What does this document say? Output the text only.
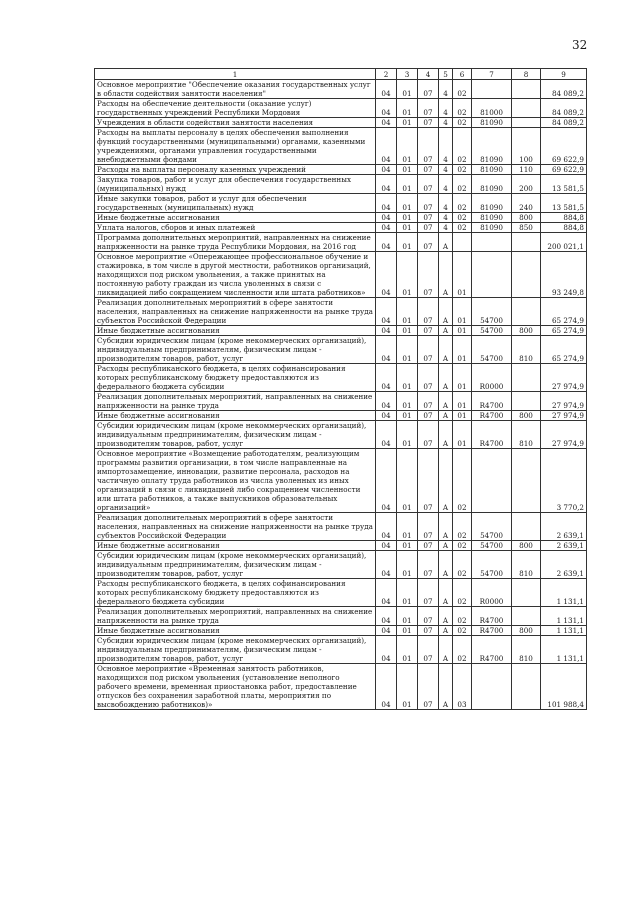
32
1	2	3	4	5	6	7	8	9
Основное мероприятие "Обеспечение оказания государственных услуг в области содействия занятости населения"	04	01	07	4	02			84 089,2
Расходы на обеспечение деятельности (оказание услуг) государственных учреждений Республики Мордовия	04	01	07	4	02	81000		84 089,2
Учреждения в области содействия занятости населения	04	01	07	4	02	81090		84 089,2
Расходы на выплаты персоналу в целях обеспечения выполнения функций государственными (муниципальными) органами, казенными учреждениями, органами управления государственными внебюджетными фондами	04	01	07	4	02	81090	100	69 622,9
Расходы на выплаты персоналу казенных учреждений	04	01	07	4	02	81090	110	69 622,9
Закупка товаров, работ и услуг для обеспечения государственных (муниципальных) нужд	04	01	07	4	02	81090	200	13 581,5
Иные закупки товаров, работ и услуг для обеспечения государственных (муниципальных) нужд	04	01	07	4	02	81090	240	13 581,5
Иные бюджетные ассигнования	04	01	07	4	02	81090	800	884,8
Уплата налогов, сборов и иных платежей	04	01	07	4	02	81090	850	884,8
Программа дополнительных мероприятий, направленных на снижение напряженности на рынке труда Республики Мордовия, на 2016 год	04	01	07	А				200 021,1
Основное мероприятие «Опережающее профессиональное обучение и стажировка, в том числе в другой местности, работников организаций, находящихся под риском увольнения, а также принятых на постоянную работу граждан из числа уволенных в связи с ликвидацией либо сокращением численности или штата работников»	04	01	07	А	01			93 249,8
Реализация дополнительных мероприятий в сфере занятости населения, направленных на снижение напряженности на рынке труда субъектов Российской Федерации	04	01	07	А	01	54700		65 274,9
Иные бюджетные ассигнования	04	01	07	А	01	54700	800	65 274,9
Субсидии юридическим лицам (кроме некоммерческих организаций), индивидуальным предпринимателям, физическим лицам - производителям товаров, работ, услуг	04	01	07	А	01	54700	810	65 274,9
Расходы республиканского бюджета, в целях софинансирования которых республиканскому бюджету предоставляются из федерального бюджета субсидии	04	01	07	А	01	R0000		27 974,9
Реализация дополнительных мероприятий, направленных на снижение напряженности на рынке труда	04	01	07	А	01	R4700		27 974,9
Иные бюджетные ассигнования	04	01	07	А	01	R4700	800	27 974,9
Субсидии юридическим лицам (кроме некоммерческих организаций), индивидуальным предпринимателям, физическим лицам - производителям товаров, работ, услуг	04	01	07	А	01	R4700	810	27 974,9
Основное мероприятие «Возмещение работодателям, реализующим программы развития организации, в том числе направленные на импортозамещение, инновации, развитие персонала, расходов на частичную оплату труда работников из числа уволенных из иных организаций в связи с ликвидацией либо сокращением численности или штата работников, а также выпускников образовательных организаций»	04	01	07	А	02			3 770,2
Реализация дополнительных мероприятий в сфере занятости населения, направленных на снижение напряженности на рынке труда субъектов Российской Федерации	04	01	07	А	02	54700		2 639,1
Иные бюджетные ассигнования	04	01	07	А	02	54700	800	2 639,1
Субсидии юридическим лицам (кроме некоммерческих организаций), индивидуальным предпринимателям, физическим лицам - производителям товаров, работ, услуг	04	01	07	А	02	54700	810	2 639,1
Расходы республиканского бюджета, в целях софинансирования которых республиканскому бюджету предоставляются из федерального бюджета субсидии	04	01	07	А	02	R0000		1 131,1
Реализация дополнительных мероприятий, направленных на снижение напряженности на рынке труда	04	01	07	А	02	R4700		1 131,1
Иные бюджетные ассигнования	04	01	07	А	02	R4700	800	1 131,1
Субсидии юридическим лицам (кроме некоммерческих организаций), индивидуальным предпринимателям, физическим лицам - производителям товаров, работ, услуг	04	01	07	А	02	R4700	810	1 131,1
Основное мероприятие «Временная занятость работников, находящихся под риском увольнения (установление неполного рабочего времени, временная приостановка работ, предоставление отпусков без сохранения заработной платы, мероприятия по высвобождению работников)»	04	01	07	А	03			101 988,4
